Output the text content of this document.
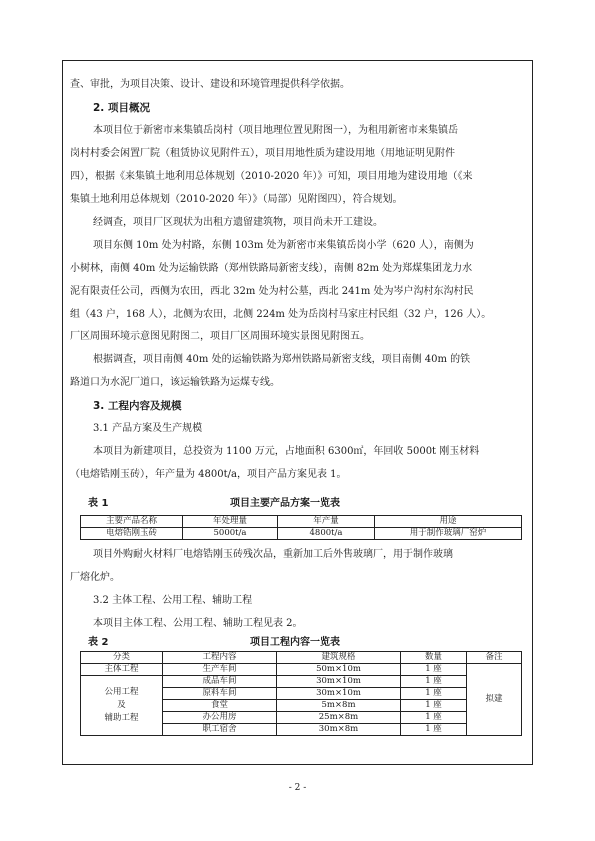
查、审批，为项目决策、设计、建设和环境管理提供科学依据。
2. 项目概况
本项目位于新密市来集镇岳岗村（项目地理位置见附图一），为租用新密市来集镇岳
岗村村委会闲置厂院（租赁协议见附件五），项目用地性质为建设用地（用地证明见附件
四），根据《来集镇土地利用总体规划（2010-2020 年）》可知，项目用地为建设用地（《来
集镇土地利用总体规划（2010-2020 年）》（局部）见附图四），符合规划。
经调查，项目厂区现状为出租方遗留建筑物，项目尚未开工建设。
项目东侧 10m 处为村路，东侧 103m 处为新密市来集镇岳岗小学（620 人），南侧为
小树林，南侧 40m 处为运输铁路（郑州铁路局新密支线），南侧 82m 处为郑煤集团龙力水
泥有限责任公司，西侧为农田，西北 32m 处为村公墓，西北 241m 处为岑户沟村东沟村民
组（43 户，168 人），北侧为农田，北侧 224m 处为岳岗村马家庄村民组（32 户，126 人）。
厂区周围环境示意图见附图二，项目厂区周围环境实景图见附图五。
根据调查，项目南侧 40m 处的运输铁路为郑州铁路局新密支线，项目南侧 40m 的铁
路道口为水泥厂道口，该运输铁路为运煤专线。
3. 工程内容及规模
3.1 产品方案及生产规模
本项目为新建项目，总投资为 1100 万元，占地面积 6300㎡，年回收 5000t 刚玉材料
（电熔锆刚玉砖），年产量为 4800t/a，项目产品方案见表 1。
表 1	项目主要产品方案一览表
主要产品名称	年处理量	年产量	用途
电熔锆刚玉砖	5000t/a	4800t/a	用于制作玻璃厂窑炉
项目外购耐火材料厂电熔锆刚玉砖残次品，重新加工后外售玻璃厂，用于制作玻璃
厂熔化炉。
3.2 主体工程、公用工程、辅助工程
本项目主体工程、公用工程、辅助工程见表 2。
表 2	项目工程内容一览表
分类	工程内容	建筑规格	数量	备注
主体工程	生产车间	50m×10m	1 座	拟建

公用工程
及
辅助工程	成品车间	30m×10m	1 座	
	原料车间	30m×10m	1 座	
	食堂	5m×8m	1 座	
	办公用房	25m×8m	1 座	
	职工宿舍	30m×8m	1 座	
- 2 -
